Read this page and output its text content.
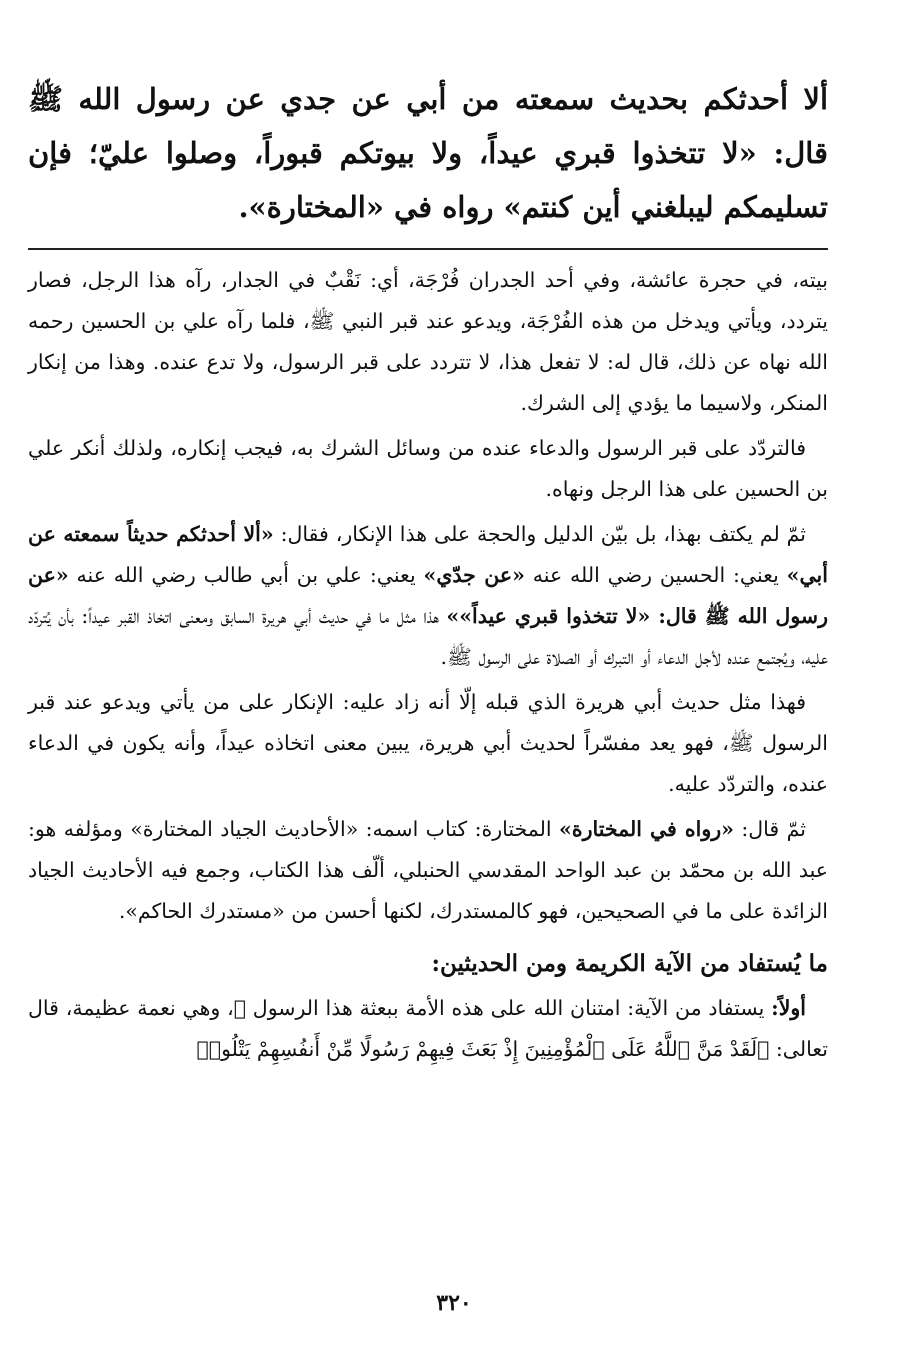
ألا أحدثكم بحديث سمعته من أبي عن جدي عن رسول الله ﷺ قال: «لا تتخذوا قبري عيداً، ولا بيوتكم قبوراً، وصلوا عليّ؛ فإن تسليمكم ليبلغني أين كنتم» رواه في «المختارة».

بيته، في حجرة عائشة، وفي أحد الجدران فُرْجَة، أي: نَقْبٌ في الجدار، رآه هذا الرجل، فصار يتردد، ويأتي ويدخل من هذه الفُرْجَة، ويدعو عند قبر النبي ﷺ، فلما رآه علي بن الحسين رحمه الله نهاه عن ذلك، قال له: لا تفعل هذا، لا تتردد على قبر الرسول، ولا تدع عنده. وهذا من إنكار المنكر، ولاسيما ما يؤدي إلى الشرك.

فالتردّد على قبر الرسول والدعاء عنده من وسائل الشرك به، فيجب إنكاره، ولذلك أنكر علي بن الحسين على هذا الرجل ونهاه.

ثمّ لم يكتف بهذا، بل بيّن الدليل والحجة على هذا الإنكار، فقال: «ألا أحدثكم حديثاً سمعته عن أبي» يعني: الحسين رضي الله عنه «عن جدّي» يعني: علي بن أبي طالب رضي الله عنه «عن رسول الله ﷺ قال: «لا تتخذوا قبري عيداً»» هذا مثل ما في حديث أبي هريرة السابق ومعنى اتخاذ القبر عيداً: بأن يُتردّد عليه، ويُجتمع عنده لأجل الدعاء أو التبرك أو الصلاة على الرسول ﷺ.

فهذا مثل حديث أبي هريرة الذي قبله إلّا أنه زاد عليه: الإنكار على من يأتي ويدعو عند قبر الرسول ﷺ، فهو يعد مفسّراً لحديث أبي هريرة، يبين معنى اتخاذه عيداً، وأنه يكون في الدعاء عنده، والتردّد عليه.

ثمّ قال: «رواه في المختارة» المختارة: كتاب اسمه: «الأحاديث الجياد المختارة» ومؤلفه هو: عبد الله بن محمّد بن عبد الواحد المقدسي الحنبلي، ألّف هذا الكتاب، وجمع فيه الأحاديث الجياد الزائدة على ما في الصحيحين، فهو كالمستدرك، لكنها أحسن من «مستدرك الحاكم».

ما يُستفاد من الآية الكريمة ومن الحديثين:

أولاً: يستفاد من الآية: امتنان الله على هذه الأمة ببعثة هذا الرسول ﷺ، وهي نعمة عظيمة، قال تعالى: ﴿لَقَدْ مَنَّ ٱللَّهُ عَلَى ٱلْمُؤْمِنِينَ إِذْ بَعَثَ فِيهِمْ رَسُولًا مِّنْ أَنفُسِهِمْ يَتْلُوا۟

٣٢٠
